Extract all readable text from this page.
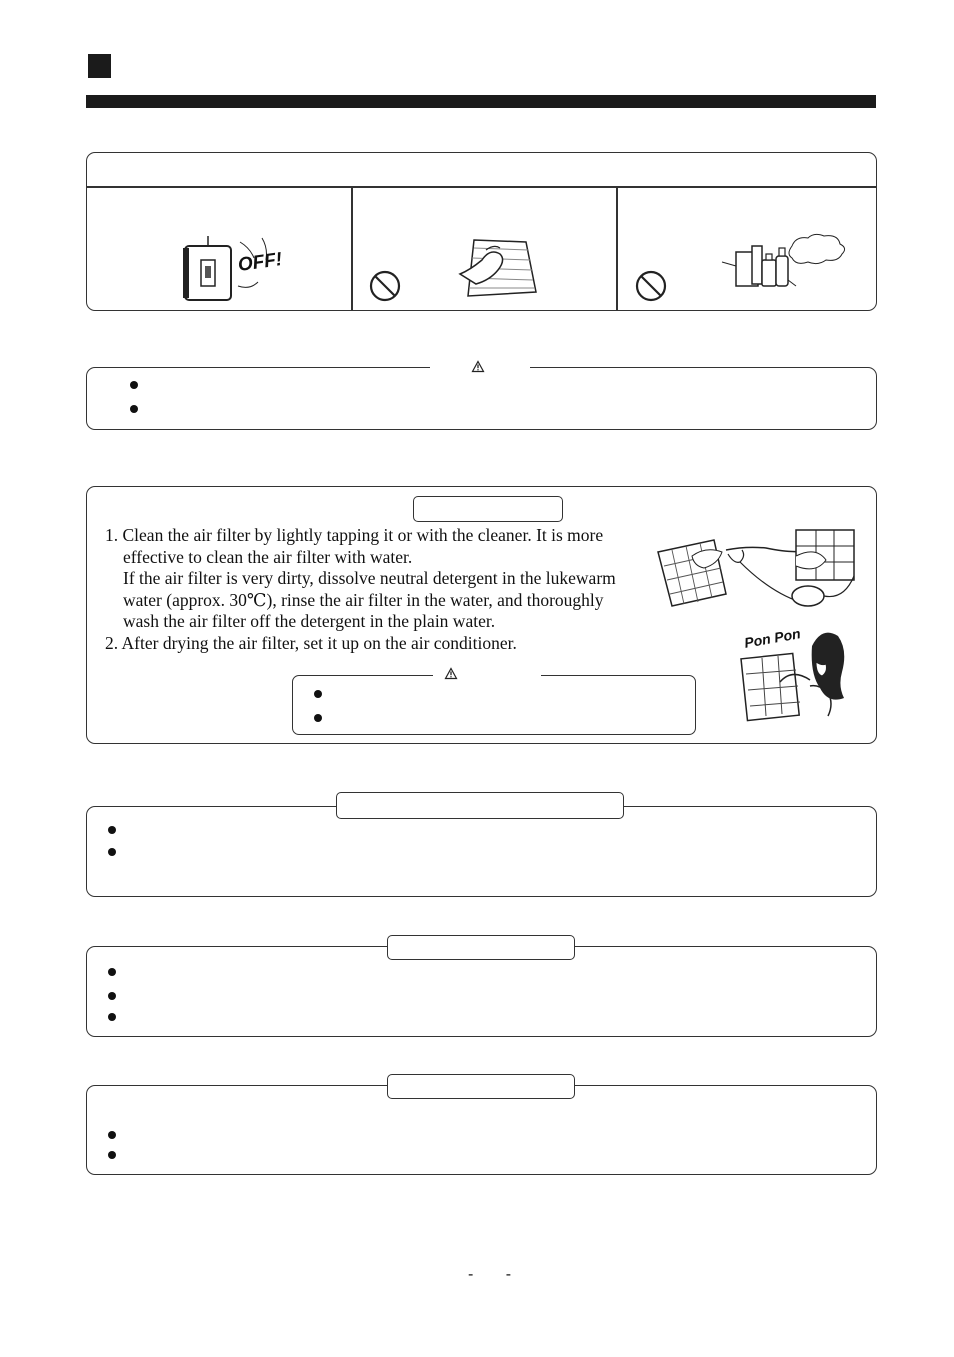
OFF!

1. Clean the air filter by lightly tapping it or with the cleaner. It is more

effective to clean the air filter with water.

If the air filter is very dirty, dissolve neutral detergent in the lukewarm

water (approx. 30℃), rinse the air filter in the water, and thoroughly

wash the air filter off the detergent in the plain water.

2. After drying the air filter, set it up on the air conditioner.	Pon Pon
- -
